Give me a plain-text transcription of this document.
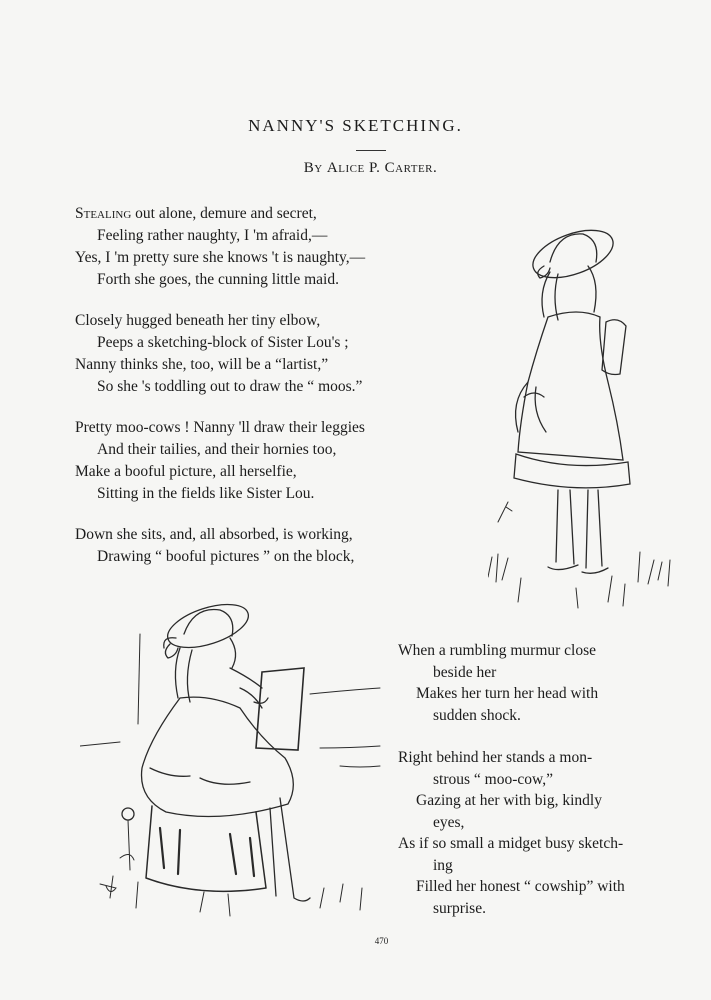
NANNY'S SKETCHING.
By Alice P. Carter.

Stealing out alone, demure and secret,

Feeling rather naughty, I 'm afraid,—

Yes, I 'm pretty sure she knows 't is naughty,—

Forth she goes, the cunning little maid.

Closely hugged beneath her tiny elbow,

Peeps a sketching-block of Sister Lou's ;

Nanny thinks she, too, will be a “lartist,”

So she 's toddling out to draw the “ moos.”

Pretty moo-cows ! Nanny 'll draw their leggies

And their tailies, and their hornies too,

Make a booful picture, all herselfie,

Sitting in the fields like Sister Lou.

Down she sits, and, all absorbed, is working,

Drawing “ booful pictures ” on the block,

When a rumbling murmur close

beside her

Makes her turn her head with

sudden shock.

Right behind her stands a mon-

strous “ moo-cow,”

Gazing at her with big, kindly

eyes,

As if so small a midget busy sketch-

ing

Filled her honest “ cowship” with

surprise.

470
